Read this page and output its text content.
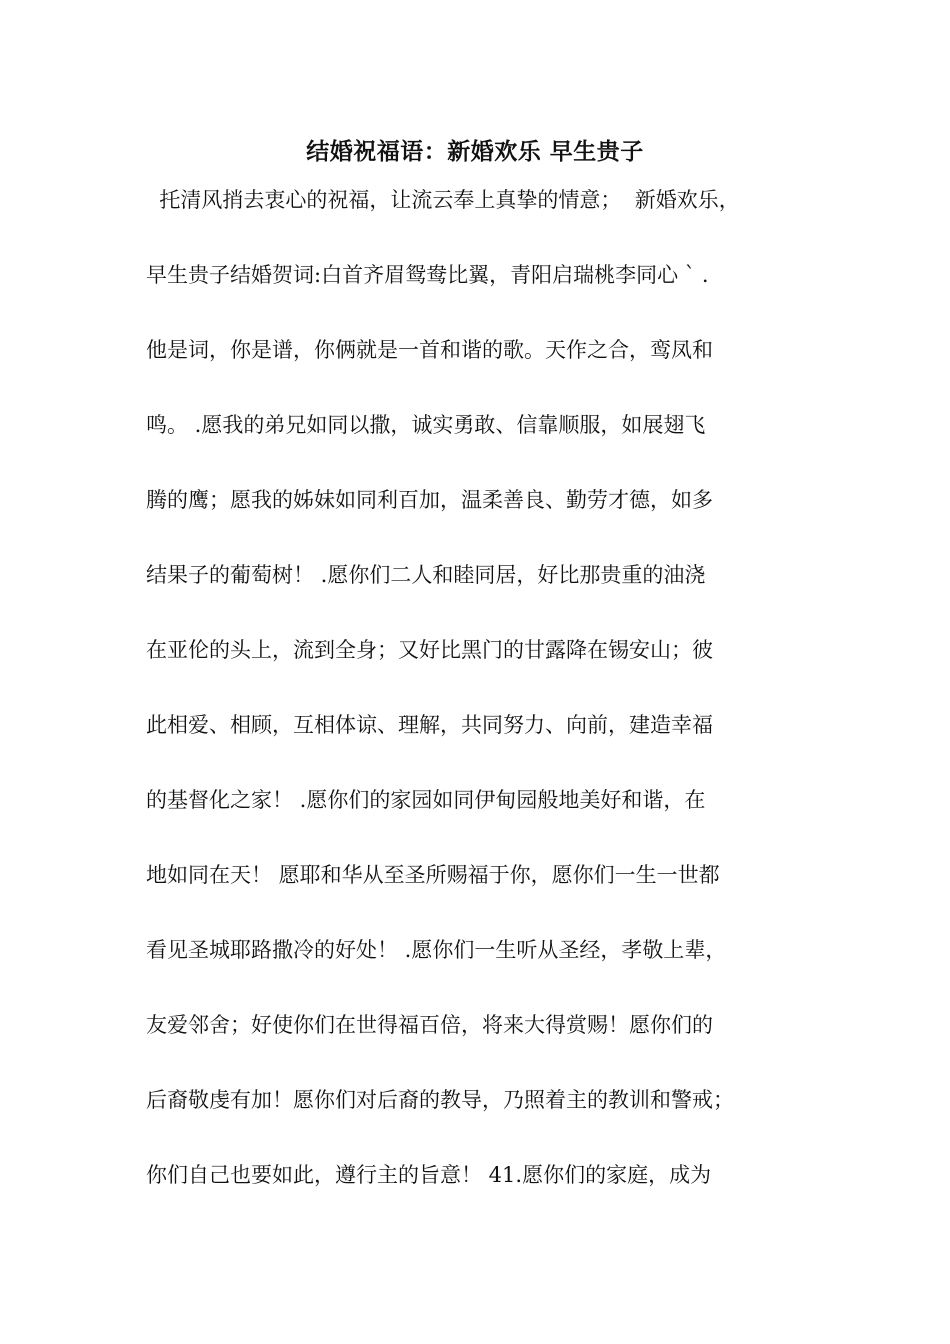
结婚祝福语：新婚欢乐 早生贵子
托清风捎去衷心的祝福，让流云奉上真挚的情意；  新婚欢乐，
早生贵子结婚贺词:白首齐眉鸳鸯比翼，青阳启瑞桃李同心 ` .
他是词，你是谱，你俩就是一首和谐的歌。天作之合，鸾凤和
鸣。 .愿我的弟兄如同以撒，诚实勇敢、信靠顺服，如展翅飞
腾的鹰；愿我的姊妹如同利百加，温柔善良、勤劳才德，如多
结果子的葡萄树！ .愿你们二人和睦同居，好比那贵重的油浇
在亚伦的头上，流到全身；又好比黑门的甘露降在锡安山；彼
此相爱、相顾，互相体谅、理解，共同努力、向前，建造幸福
的基督化之家！ .愿你们的家园如同伊甸园般地美好和谐，在
地如同在天！ 愿耶和华从至圣所赐福于你，愿你们一生一世都
看见圣城耶路撒冷的好处！ .愿你们一生听从圣经，孝敬上辈，
友爱邻舍；好使你们在世得福百倍，将来大得赏赐！愿你们的
后裔敬虔有加！愿你们对后裔的教导，乃照着主的教训和警戒；
你们自己也要如此，遵行主的旨意！ 41.愿你们的家庭，成为
